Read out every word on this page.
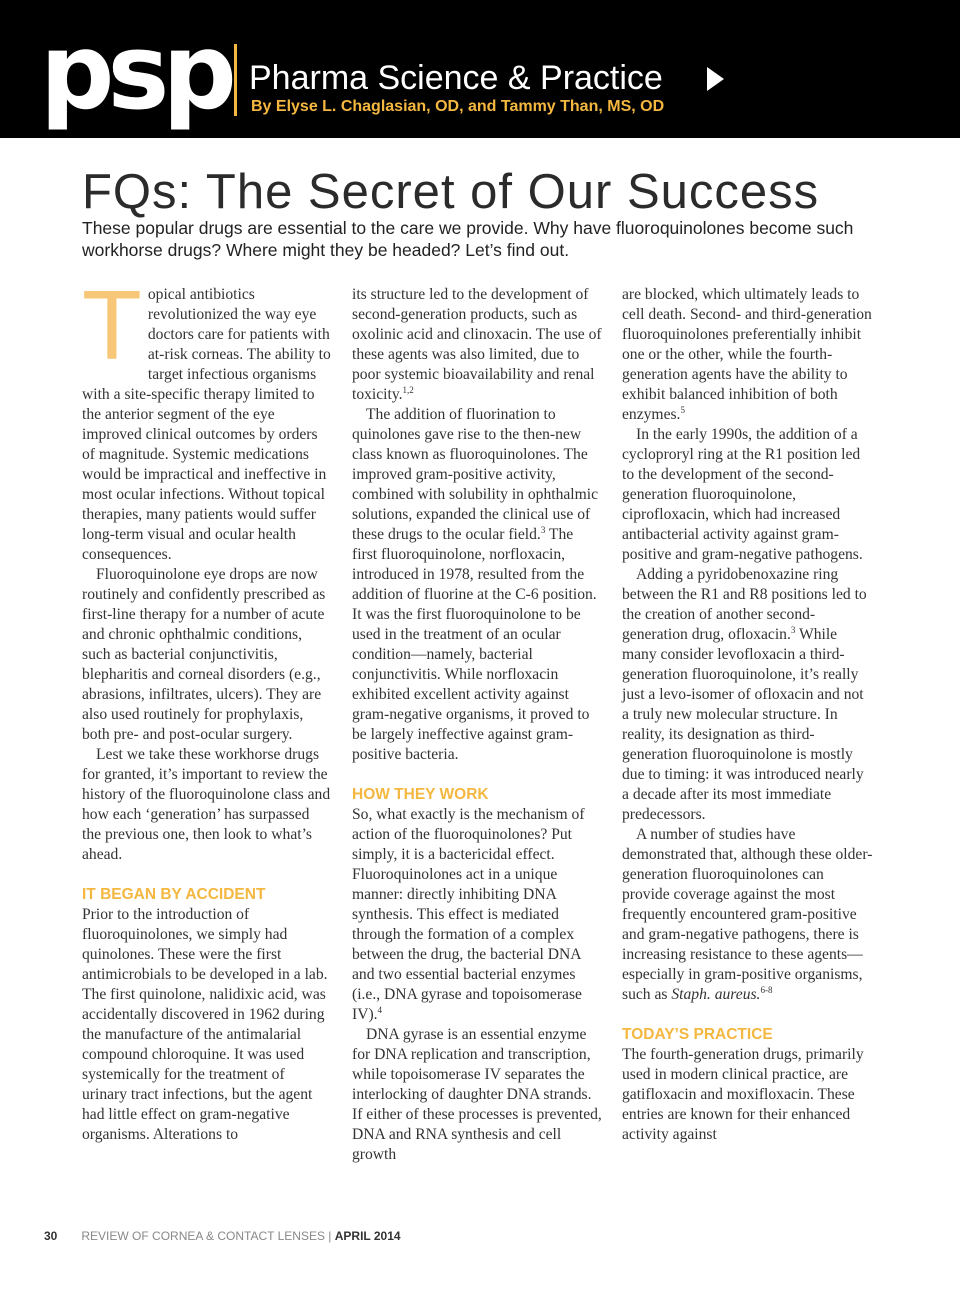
psp Pharma Science & Practice
By Elyse L. Chaglasian, OD, and Tammy Than, MS, OD
FQs: The Secret of Our Success
These popular drugs are essential to the care we provide. Why have fluoroquinolones become such workhorse drugs? Where might they be headed? Let’s find out.
T opical antibiotics revolutionized the way eye doctors care for patients with at-risk corneas. The ability to target infectious organisms with a site-specific therapy limited to the anterior segment of the eye improved clinical outcomes by orders of magnitude. Systemic medications would be impractical and ineffective in most ocular infections. Without topical therapies, many patients would suffer long-term visual and ocular health consequences.

Fluoroquinolone eye drops are now routinely and confidently prescribed as first-line therapy for a number of acute and chronic ophthalmic conditions, such as bacterial conjunctivitis, blepharitis and corneal disorders (e.g., abrasions, infiltrates, ulcers). They are also used routinely for prophylaxis, both pre- and post-ocular surgery.

Lest we take these workhorse drugs for granted, it’s important to review the history of the fluoroquinolone class and how each ‘generation’ has surpassed the previous one, then look to what’s ahead.

IT BEGAN BY ACCIDENT

Prior to the introduction of fluoroquinolones, we simply had quinolones. These were the first antimicrobials to be developed in a lab. The first quinolone, nalidixic acid, was accidentally discovered in 1962 during the manufacture of the antimalarial compound chloroquine. It was used systemically for the treatment of urinary tract infections, but the agent had little effect on gram-negative organisms. Alterations to

its structure led to the development of second-generation products, such as oxolinic acid and clinoxacin. The use of these agents was also limited, due to poor systemic bioavailability and renal toxicity.$^{1,2}$

The addition of fluorination to quinolones gave rise to the then-new class known as fluoroquinolones. The improved gram-positive activity, combined with solubility in ophthalmic solutions, expanded the clinical use of these drugs to the ocular field.$^3$ The first fluoroquinolone, norfloxacin, introduced in 1978, resulted from the addition of fluorine at the C-6 position. It was the first fluoroquinolone to be used in the treatment of an ocular condition—namely, bacterial conjunctivitis. While norfloxacin exhibited excellent activity against gram-negative organisms, it proved to be largely ineffective against gram-positive bacteria.

HOW THEY WORK

So, what exactly is the mechanism of action of the fluoroquinolones? Put simply, it is a bactericidal effect. Fluoroquinolones act in a unique manner: directly inhibiting DNA synthesis. This effect is mediated through the formation of a complex between the drug, the bacterial DNA and two essential bacterial enzymes (i.e., DNA gyrase and topoisomerase IV).$^4$

DNA gyrase is an essential enzyme for DNA replication and transcription, while topoisomerase IV separates the interlocking of daughter DNA strands. If either of these processes is prevented, DNA and RNA synthesis and cell growth

are blocked, which ultimately leads to cell death. Second- and third-generation fluoroquinolones preferentially inhibit one or the other, while the fourth-generation agents have the ability to exhibit balanced inhibition of both enzymes.$^5$

In the early 1990s, the addition of a cycloproryl ring at the R1 position led to the development of the second-generation fluoroquinolone, ciprofloxacin, which had increased antibacterial activity against gram-positive and gram-negative pathogens.

Adding a pyridobenoxazine ring between the R1 and R8 positions led to the creation of another second-generation drug, ofloxacin.$^3$ While many consider levofloxacin a third-generation fluoroquinolone, it’s really just a levo-isomer of ofloxacin and not a truly new molecular structure. In reality, its designation as third-generation fluoroquinolone is mostly due to timing: it was introduced nearly a decade after its most immediate predecessors.

A number of studies have demonstrated that, although these older-generation fluoroquinolones can provide coverage against the most frequently encountered gram-positive and gram-negative pathogens, there is increasing resistance to these agents—especially in gram-positive organisms, such as Staph. aureus.$^{6-8}$

TODAY’S PRACTICE

The fourth-generation drugs, primarily used in modern clinical practice, are gatifloxacin and moxifloxacin. These entries are known for their enhanced activity against

30 REVIEW OF CORNEA & CONTACT LENSES | APRIL 2014
